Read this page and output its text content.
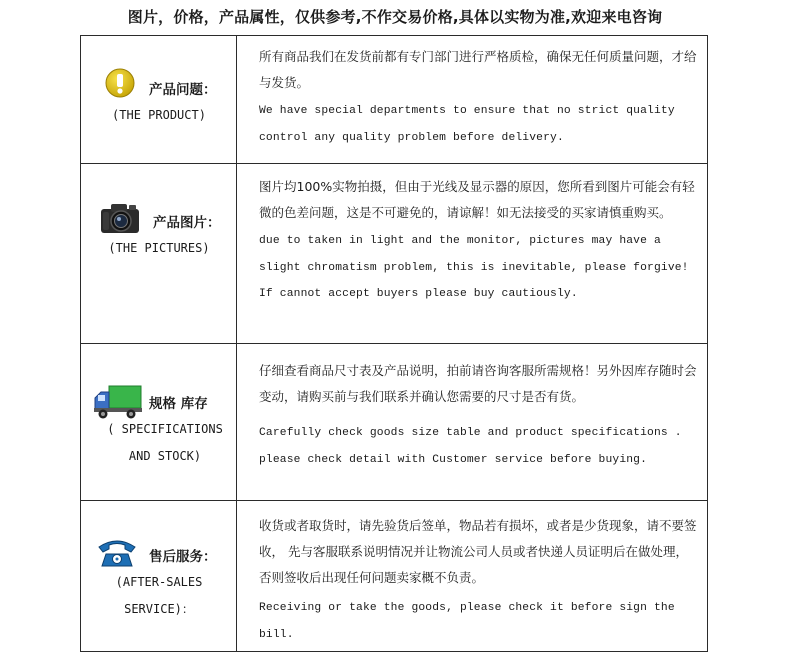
图片，价格，产品属性，仅供参考,不作交易价格,具体以实物为准,欢迎来电咨询
产品问题：
(THE PRODUCT)
所有商品我们在发货前都有专门部门进行严格质检，确保无任何质量问题，才给与发货。
We have special departments to ensure that no strict quality control any quality problem before delivery.
产品图片：
(THE PICTURES)
图片均100%实物拍摄，但由于光线及显示器的原因，您所看到图片可能会有轻微的色差问题，这是不可避免的，请谅解！如无法接受的买家请慎重购买。
due to taken in light and the monitor, pictures may have a slight chromatism problem, this is inevitable, please forgive! If cannot accept buyers please buy cautiously.
规格 库存
( SPECIFICATIONS
AND STOCK)
仔细查看商品尺寸表及产品说明，拍前请咨询客服所需规格！另外因库存随时会变动，请购买前与我们联系并确认您需要的尺寸是否有货。
Carefully check goods size table and product specifications . please check detail with Customer service before buying.
售后服务：
(AFTER-SALES
SERVICE)：
收货或者取货时，请先验货后签单，物品若有损坏，或者是少货现象，请不要签收， 先与客服联系说明情况并让物流公司人员或者快递人员证明后在做处理，否则签收后出现任何问题卖家概不负责。
Receiving or take the goods, please check it before sign the bill.
